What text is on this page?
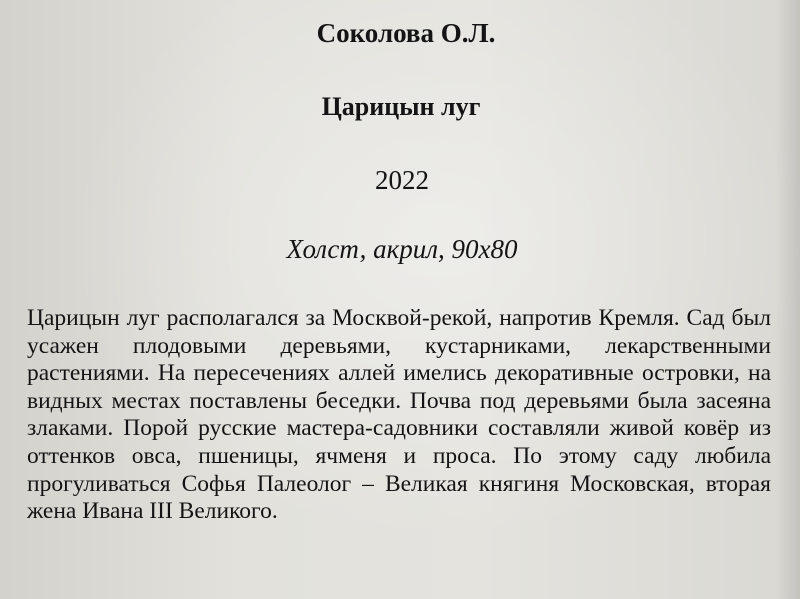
Соколова О.Л.
Царицын луг
2022
Холст, акрил, 90х80

Царицын луг располагался за Москвой-рекой, напротив Кремля. Сад был усажен плодовыми деревьями, кустарниками, лекарственными растениями. На пересечениях аллей имелись декоративные островки, на видных местах поставлены беседки. Почва под деревьями была засеяна злаками. Порой русские мастера-садовники составляли живой ковёр из оттенков овса, пшеницы, ячменя и проса. По этому саду любила прогуливаться Софья Палеолог – Великая княгиня Московская, вторая жена Ивана III Великого.
